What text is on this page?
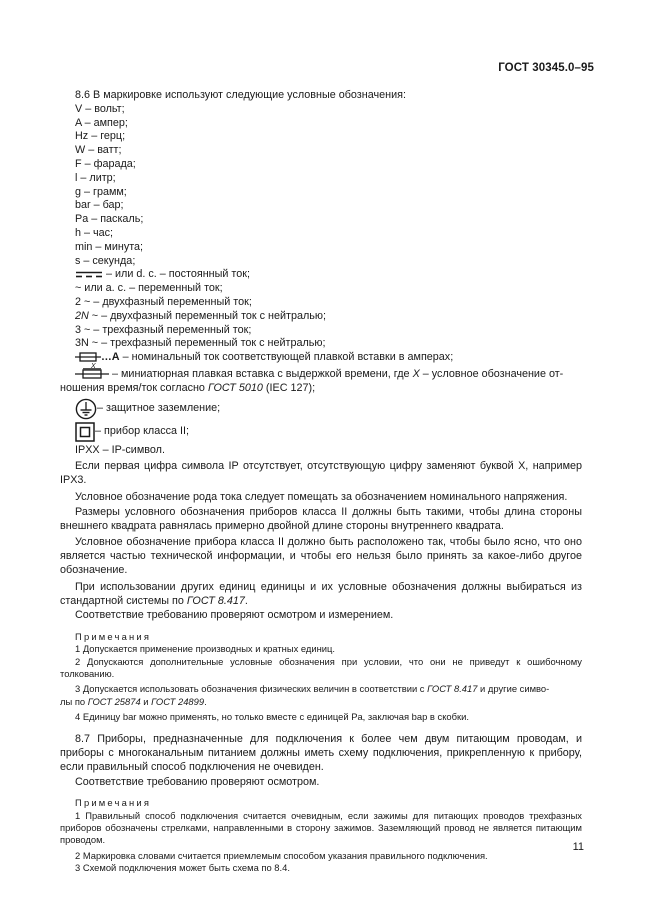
ГОСТ 30345.0–95

8.6 В маркировке используют следующие условные обозначения:

V – вольт;

A – ампер;

Hz – герц;

W – ватт;

F – фарада;

l – литр;

g – грамм;

bar – бар;

Pa – паскаль;

h – час;

min – минута;

s – секунда;

– или d. c. – постоянный ток;

~ или a. c. – переменный ток;

2 ~ – двухфазный переменный ток;

2N ~ – двухфазный переменный ток с нейтралью;

3 ~ – трехфазный переменный ток;

3N ~ – трехфазный переменный ток с нейтралью;

…A – номинальный ток соответствующей плавкой вставки в амперах;

X

– миниатюрная плавкая вставка с выдержкой времени, где X – условное обозначение от-

ношения время/ток согласно ГОСТ 5010 (IEC 127);

– защитное заземление;
– прибор класса II;

IPXX – IP-символ.

Если первая цифра символа IP отсутствует, отсутствующую цифру заменяют буквой X, например IPX3.

Условное обозначение рода тока следует помещать за обозначением номинального напряжения.

Размеры условного обозначения приборов класса II должны быть такими, чтобы длина стороны внешнего квадрата равнялась примерно двойной длине стороны внутреннего квадрата.

Условное обозначение прибора класса II должно быть расположено так, чтобы было ясно, что оно является частью технической информации, и чтобы его нельзя было принять за какое-либо другое обозначение.

При использовании других единиц единицы и их условные обозначения должны выбираться из стандартной системы по ГОСТ 8.417.

Соответствие требованию проверяют осмотром и измерением.

Примечания

1 Допускается применение производных и кратных единиц.

2 Допускаются дополнительные условные обозначения при условии, что они не приведут к ошибочному толкованию.

3 Допускается использовать обозначения физических величин в соответствии с ГОСТ 8.417 и другие симво-

лы по ГОСТ 25874 и ГОСТ 24899.

4 Единицу bar можно применять, но только вместе с единицей Pa, заключая bap в скобки.

8.7 Приборы, предназначенные для подключения к более чем двум питающим проводам, и приборы с многоканальным питанием должны иметь схему подключения, прикрепленную к прибору, если правильный способ подключения не очевиден.

Соответствие требованию проверяют осмотром.

Примечания

1 Правильный способ подключения считается очевидным, если зажимы для питающих проводов трехфазных приборов обозначены стрелками, направленными в сторону зажимов. Заземляющий провод не является питающим проводом.

2 Маркировка словами считается приемлемым способом указания правильного подключения.

3 Схемой подключения может быть схема по 8.4.

11
